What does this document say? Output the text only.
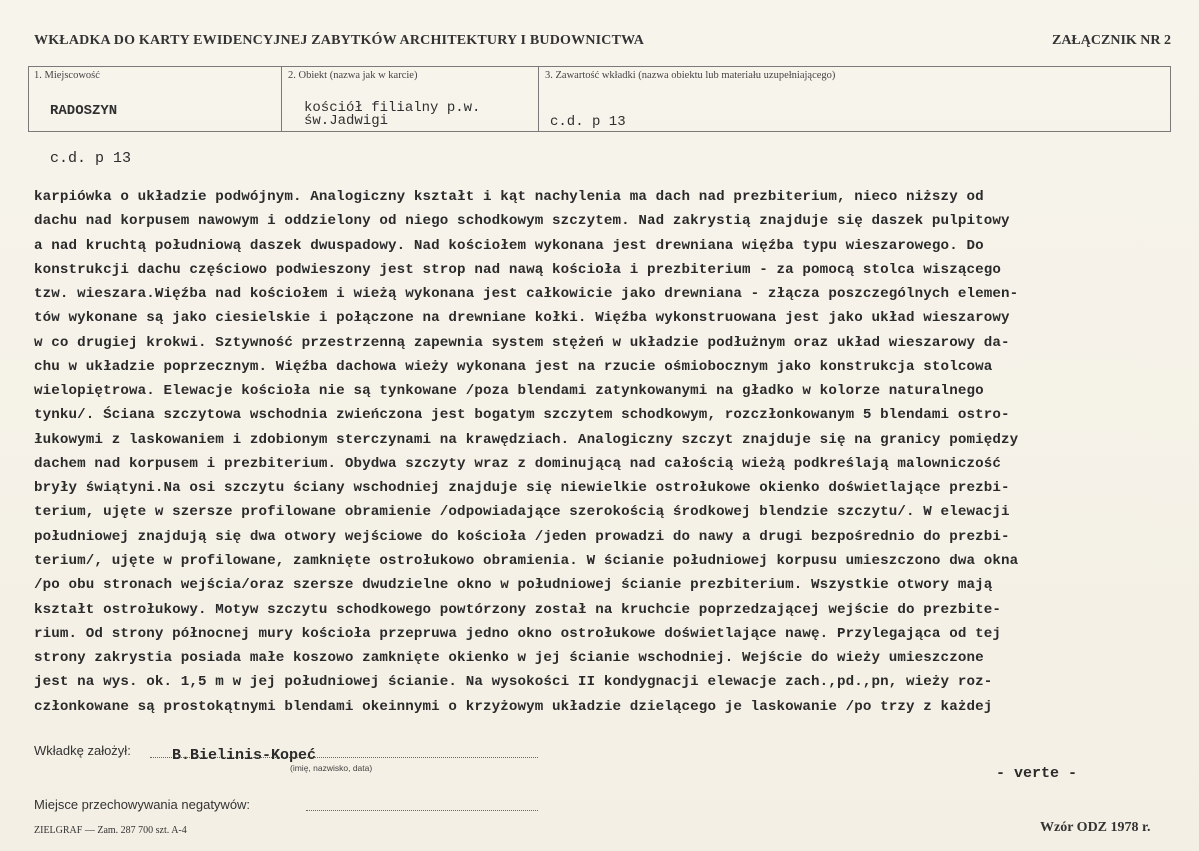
WKŁADKA DO KARTY EWIDENCYJNEJ ZABYTKÓW ARCHITEKTURY I BUDOWNICTWA	ZAŁĄCZNIK NR 2
1. Miejscowość
RADOSZYN
2. Obiekt (nazwa jak w karcie)
kościół filialny p.w.
św.Jadwigi
3. Zawartość wkładki (nazwa obiektu lub materiału uzupełniającego)
c.d. p 13
c.d. p 13
karpiówka o układzie podwójnym. Analogiczny kształt i kąt nachylenia ma dach nad prezbiterium, nieco niższy od
dachu nad korpusem nawowym i oddzielony od niego schodkowym szczytem. Nad zakrystią znajduje się daszek pulpitowy
a nad kruchtą południową daszek dwuspadowy. Nad kościołem wykonana jest drewniana więźba typu wieszarowego. Do
konstrukcji dachu częściowo podwieszony jest strop nad nawą kościoła i prezbiterium - za pomocą stolca wiszącego
tzw. wieszara.Więźba nad kościołem i wieżą wykonana jest całkowicie jako drewniana - złącza poszczególnych elemen-
tów wykonane są jako ciesielskie i połączone na drewniane kołki. Więźba wykonstruowana jest jako układ wieszarowy
w co drugiej krokwi. Sztywność przestrzenną zapewnia system stężeń w układzie podłużnym oraz układ wieszarowy da-
chu w układzie poprzecznym. Więźba dachowa wieży wykonana jest na rzucie ośmiobocznym jako konstrukcja stolcowa
wielopiętrowa. Elewacje kościoła nie są tynkowane /poza blendami zatynkowanymi na gładko w kolorze naturalnego
tynku/. Ściana szczytowa wschodnia zwieńczona jest bogatym szczytem schodkowym, rozczłonkowanym 5 blendami ostro-
łukowymi z laskowaniem i zdobionym sterczynami na krawędziach. Analogiczny szczyt znajduje się na granicy pomiędzy
dachem nad korpusem i prezbiterium. Obydwa szczyty wraz z dominującą nad całością wieżą podkreślają malowniczość
bryły świątyni.Na osi szczytu ściany wschodniej znajduje się niewielkie ostrołukowe okienko doświetlające prezbi-
terium, ujęte w szersze profilowane obramienie /odpowiadające szerokością środkowej blendzie szczytu/. W elewacji
południowej znajdują się dwa otwory wejściowe do kościoła /jeden prowadzi do nawy a drugi bezpośrednio do prezbi-
terium/, ujęte w profilowane, zamknięte ostrołukowo obramienia. W ścianie południowej korpusu umieszczono dwa okna
/po obu stronach wejścia/oraz szersze dwudzielne okno w południowej ścianie prezbiterium. Wszystkie otwory mają
kształt ostrołukowy. Motyw szczytu schodkowego powtórzony został na kruchcie poprzedzającej wejście do prezbite-
rium. Od strony północnej mury kościoła przepruwa jedno okno ostrołukowe doświetlające nawę. Przylegająca od tej
strony zakrystia posiada małe koszowo zamknięte okienko w jej ścianie wschodniej. Wejście do wieży umieszczone
jest na wys. ok. 1,5 m w jej południowej ścianie. Na wysokości II kondygnacji elewacje zach.,pd.,pn, wieży roz-
członkowane są prostokątnymi blendami okeinnymi o krzyżowym układzie dzielącego je laskowanie /po trzy z każdej
Wkładkę założył:	B.Bielinis-Kopeć
(imię, nazwisko, data)	- verte -
Miejsce przechowywania negatywów:
ZIELGRAF — Zam. 287 700 szt. A-4	Wzór ODZ 1978 r.
